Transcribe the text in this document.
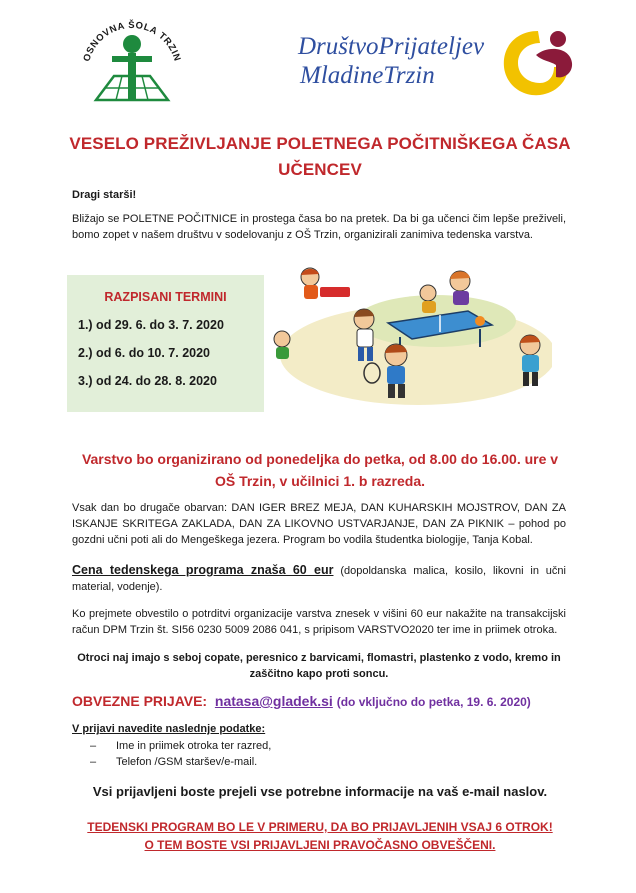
OSNOVNA ŠOLA TRZIN	DruštvoPrijateljev
MladineTrzin
VESELO PREŽIVLJANJE POLETNEGA POČITNIŠKEGA ČASA UČENCEV
Dragi starši!
Bližajo se POLETNE POČITNICE in prostega časa bo na pretek. Da bi ga učenci čim lepše preživeli, bomo zopet v našem društvu v sodelovanju z OŠ Trzin, organizirali zanimiva tedenska varstva.
RAZPISANI TERMINI
1.) od 29. 6. do 3. 7. 2020
2.) od 6. do 10. 7. 2020
3.) od 24. do 28. 8. 2020
Varstvo bo organizirano od ponedeljka do petka, od 8.00 do 16.00. ure v OŠ Trzin, v učilnici 1. b razreda.
Vsak dan bo drugače obarvan: DAN IGER BREZ MEJA, DAN KUHARSKIH MOJSTROV, DAN ZA ISKANJE SKRITEGA ZAKLADA, DAN ZA LIKOVNO USTVARJANJE, DAN ZA PIKNIK – pohod po gozdni učni poti ali do Mengeškega jezera. Program bo vodila študentka biologije, Tanja Kobal.
Cena tedenskega programa znaša 60 eur (dopoldanska malica, kosilo, likovni in učni material, vodenje).
Ko prejmete obvestilo o potrditvi organizacije varstva znesek v višini 60 eur nakažite na transakcijski račun DPM Trzin št. SI56 0230 5009 2086 041, s pripisom VARSTVO2020 ter ime in priimek otroka.
Otroci naj imajo s seboj copate, peresnico z barvicami, flomastri, plastenko z vodo, kremo in zaščitno kapo proti soncu.
OBVEZNE PRIJAVE: natasa@gladek.si (do vključno do petka, 19. 6. 2020)
V prijavi navedite naslednje podatke:
– Ime in priimek otroka ter razred,
– Telefon /GSM staršev/e-mail.
Vsi prijavljeni boste prejeli vse potrebne informacije na vaš e-mail naslov.
TEDENSKI PROGRAM BO LE V PRIMERU, DA BO PRIJAVLJENIH VSAJ 6 OTROK!
O TEM BOSTE VSI PRIJAVLJENI PRAVOČASNO OBVEŠČENI.
